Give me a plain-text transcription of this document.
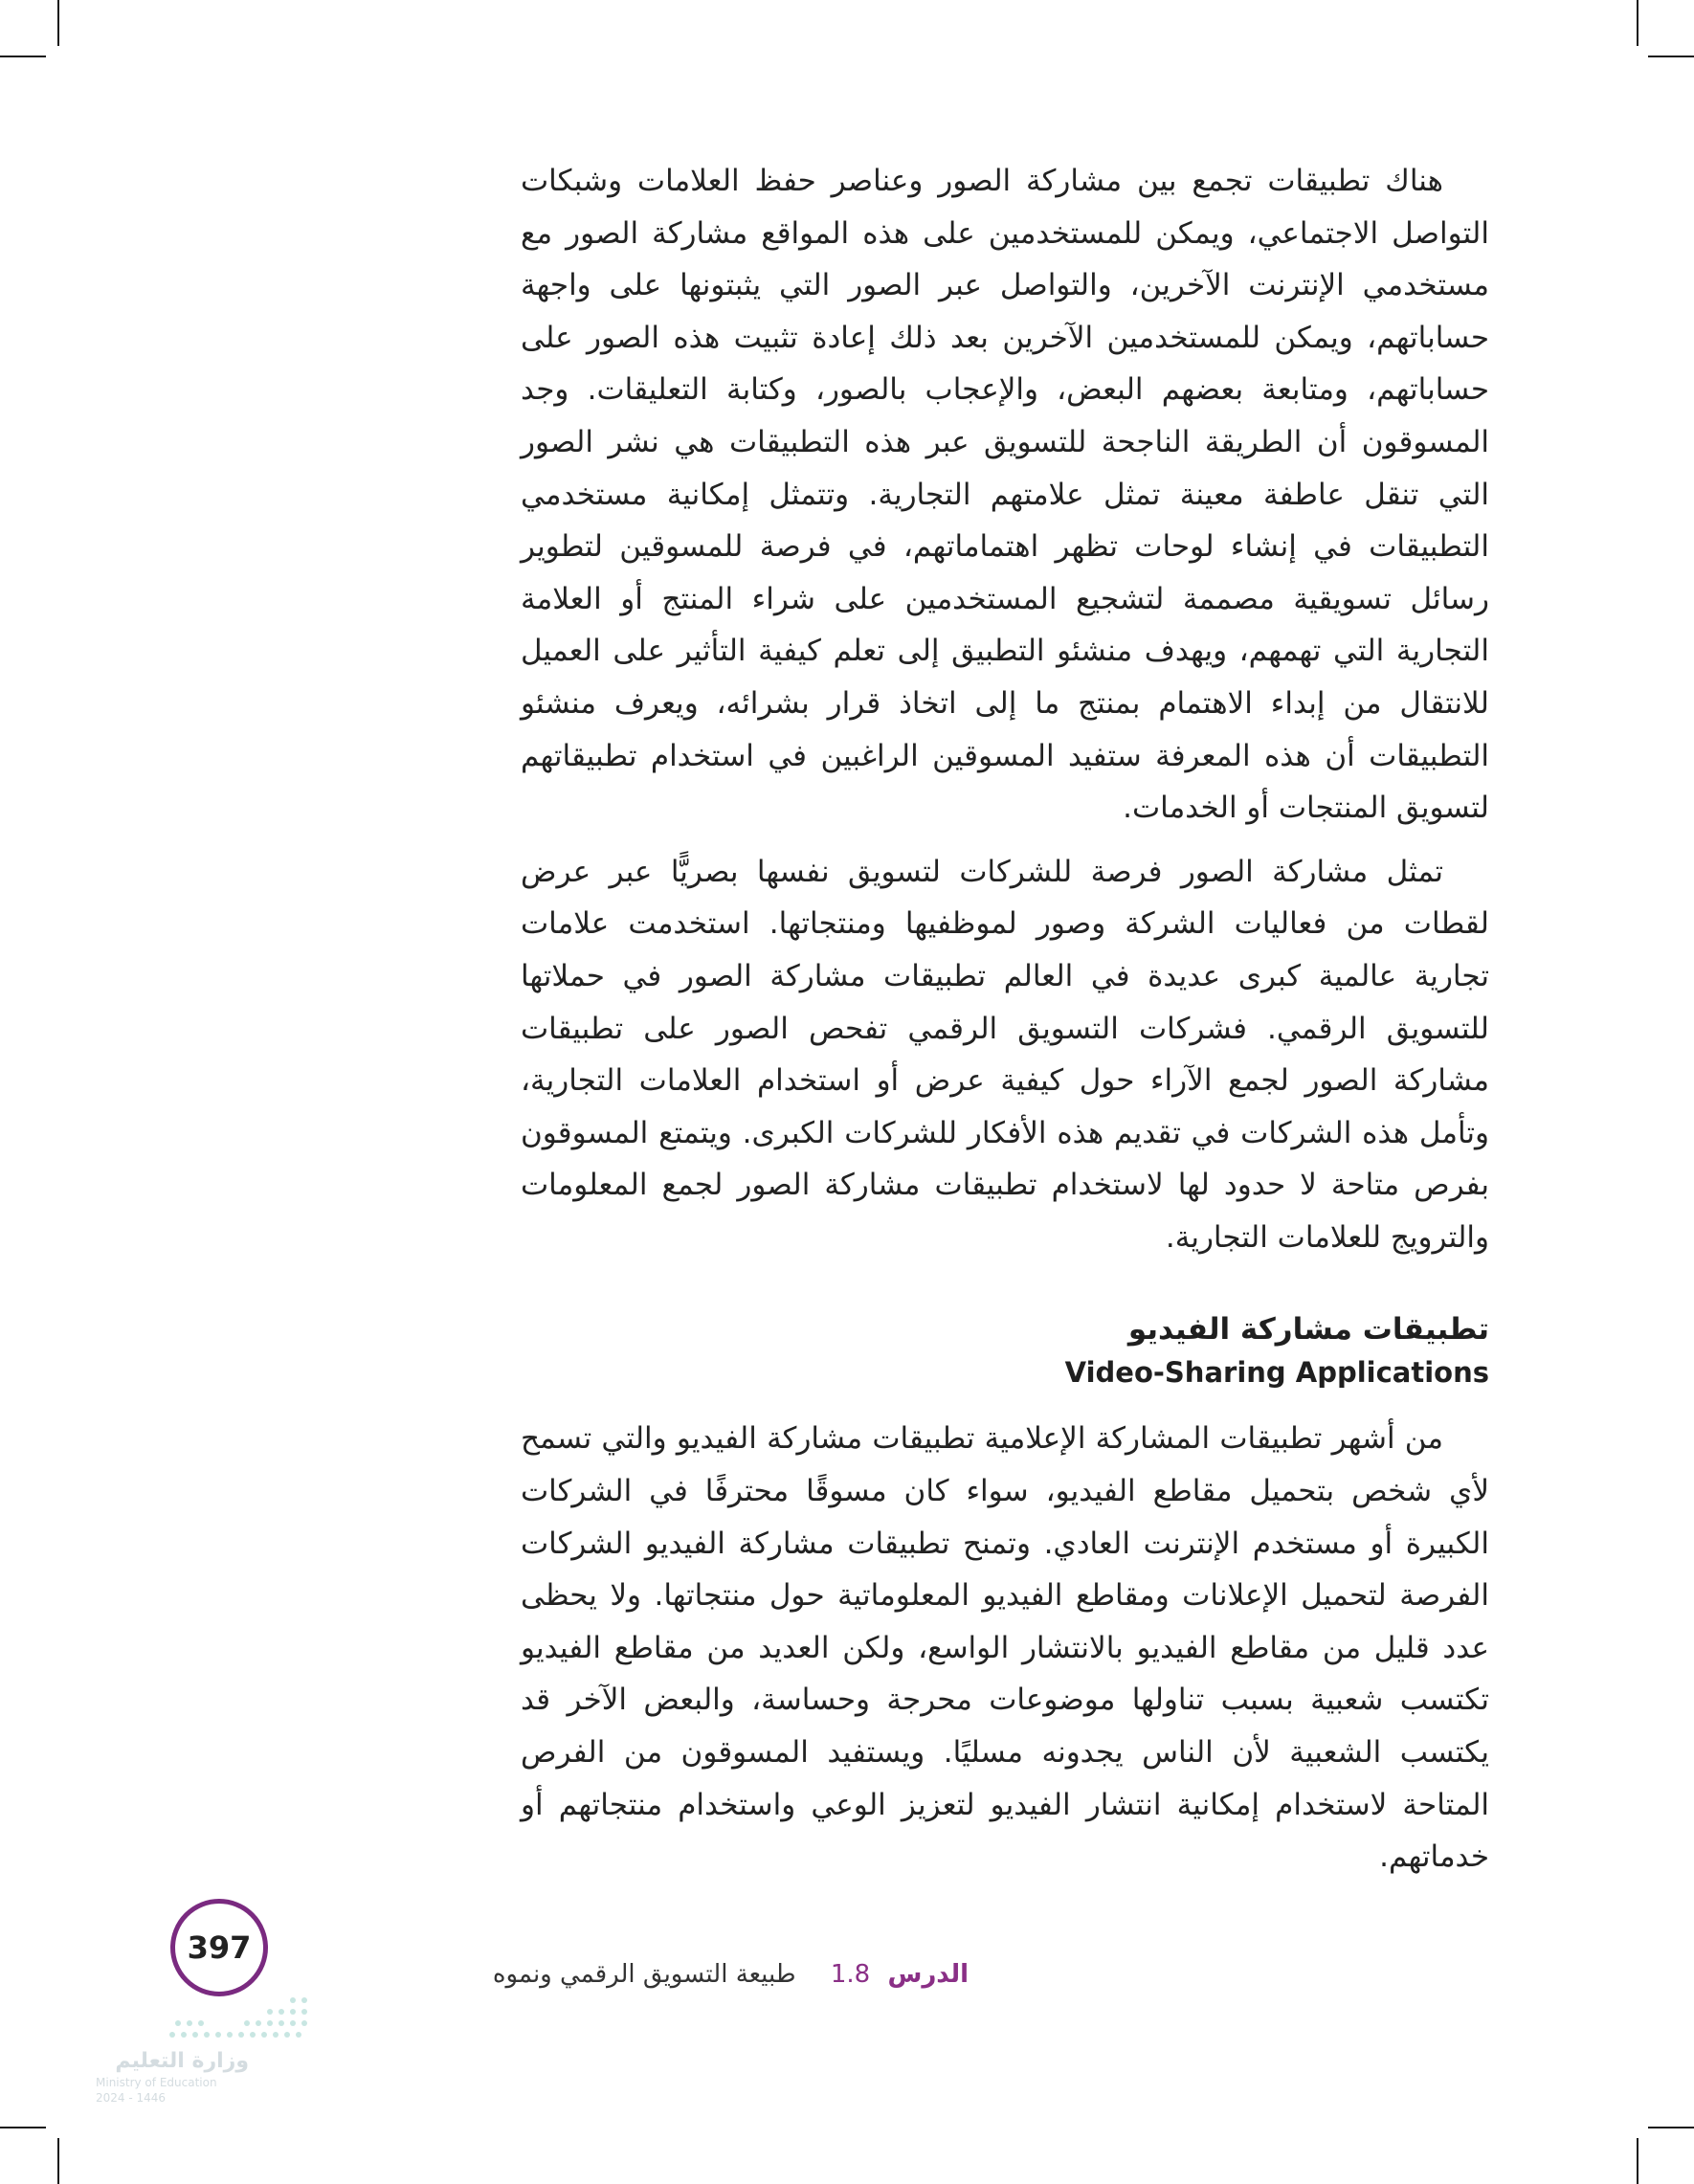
هناك تطبيقات تجمع بين مشاركة الصور وعناصر حفظ العلامات وشبكات التواصل الاجتماعي، ويمكن للمستخدمين على هذه المواقع مشاركة الصور مع مستخدمي الإنترنت الآخرين، والتواصل عبر الصور التي يثبتونها على واجهة حساباتهم، ويمكن للمستخدمين الآخرين بعد ذلك إعادة تثبيت هذه الصور على حساباتهم، ومتابعة بعضهم البعض، والإعجاب بالصور، وكتابة التعليقات. وجد المسوقون أن الطريقة الناجحة للتسويق عبر هذه التطبيقات هي نشر الصور التي تنقل عاطفة معينة تمثل علامتهم التجارية. وتتمثل إمكانية مستخدمي التطبيقات في إنشاء لوحات تظهر اهتماماتهم، في فرصة للمسوقين لتطوير رسائل تسويقية مصممة لتشجيع المستخدمين على شراء المنتج أو العلامة التجارية التي تهمهم، ويهدف منشئو التطبيق إلى تعلم كيفية التأثير على العميل للانتقال من إبداء الاهتمام بمنتج ما إلى اتخاذ قرار بشرائه، ويعرف منشئو التطبيقات أن هذه المعرفة ستفيد المسوقين الراغبين في استخدام تطبيقاتهم لتسويق المنتجات أو الخدمات.

تمثل مشاركة الصور فرصة للشركات لتسويق نفسها بصريًّا عبر عرض لقطات من فعاليات الشركة وصور لموظفيها ومنتجاتها. استخدمت علامات تجارية عالمية كبرى عديدة في العالم تطبيقات مشاركة الصور في حملاتها للتسويق الرقمي. فشركات التسويق الرقمي تفحص الصور على تطبيقات مشاركة الصور لجمع الآراء حول كيفية عرض أو استخدام العلامات التجارية، وتأمل هذه الشركات في تقديم هذه الأفكار للشركات الكبرى. ويتمتع المسوقون بفرص متاحة لا حدود لها لاستخدام تطبيقات مشاركة الصور لجمع المعلومات والترويج للعلامات التجارية.

تطبيقات مشاركة الفيديو
Video-Sharing Applications

من أشهر تطبيقات المشاركة الإعلامية تطبيقات مشاركة الفيديو والتي تسمح لأي شخص بتحميل مقاطع الفيديو، سواء كان مسوقًا محترفًا في الشركات الكبيرة أو مستخدم الإنترنت العادي. وتمنح تطبيقات مشاركة الفيديو الشركات الفرصة لتحميل الإعلانات ومقاطع الفيديو المعلوماتية حول منتجاتها. ولا يحظى عدد قليل من مقاطع الفيديو بالانتشار الواسع، ولكن العديد من مقاطع الفيديو تكتسب شعبية بسبب تناولها موضوعات محرجة وحساسة، والبعض الآخر قد يكتسب الشعبية لأن الناس يجدونه مسليًا. ويستفيد المسوقون من الفرص المتاحة لاستخدام إمكانية انتشار الفيديو لتعزيز الوعي واستخدام منتجاتهم أو خدماتهم.

397
الدرس 1.8 طبيعة التسويق الرقمي ونموه
وزارة التعليم
Ministry of Education
2024 - 1446
